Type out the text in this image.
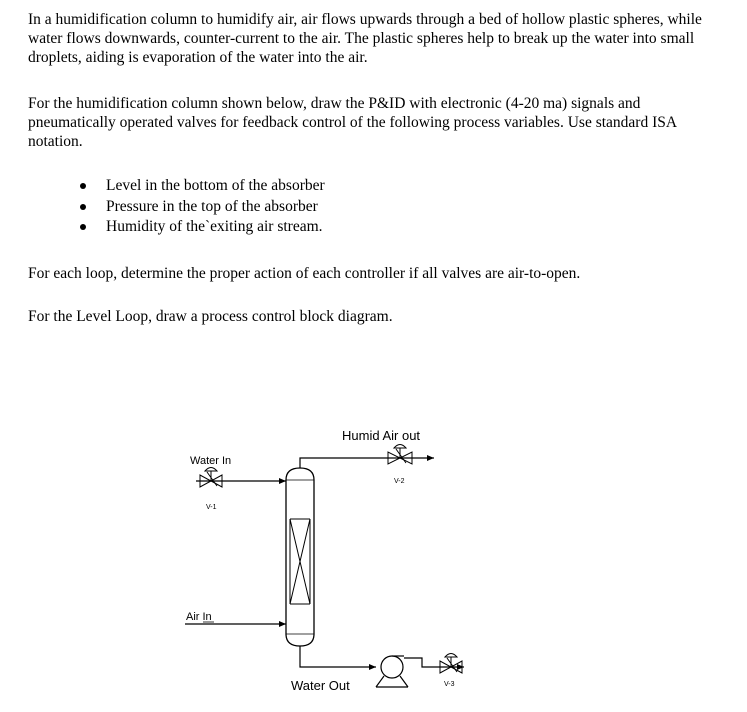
In a humidification column to humidify air, air flows upwards through a bed of hollow plastic spheres, while water flows downwards, counter-current to the air. The plastic spheres help to break up the water into small droplets, aiding is evaporation of the water into the air.

For the humidification column shown below, draw the P&ID with electronic (4-20 ma) signals and pneumatically operated valves for feedback control of the following process variables. Use standard ISA notation.

Level in the bottom of the absorber
Pressure in the top of the absorber
Humidity of theˋexiting air stream.

For each loop, determine the proper action of each controller if all valves are air-to-open.

For the Level Loop, draw a process control block diagram.

Humid Air out
Water In
Air In
Water Out
V-1
V-2
V-3
